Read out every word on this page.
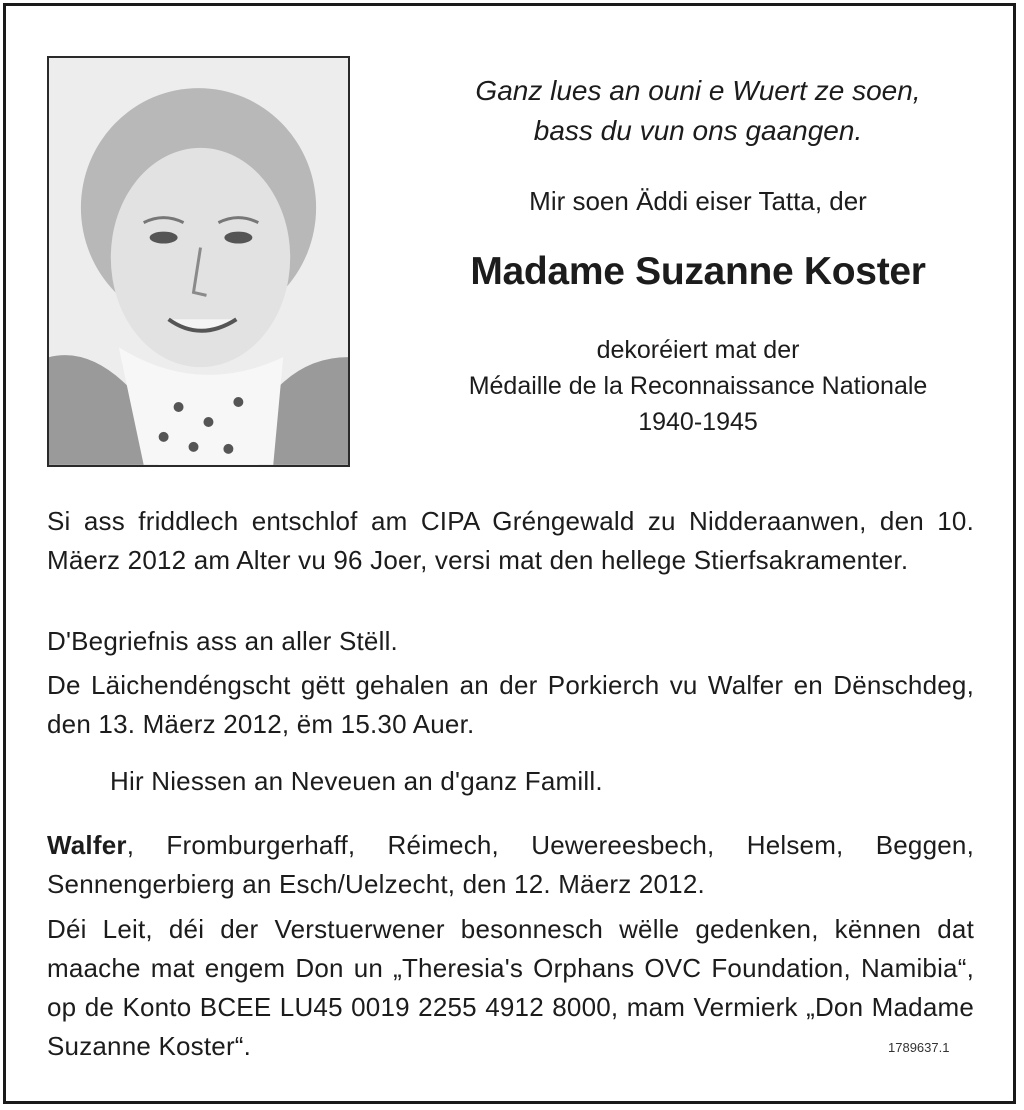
Ganz lues an ouni e Wuert ze soen,
bass du vun ons gaangen.
Mir soen Äddi eiser Tatta, der
Madame Suzanne Koster
dekoréiert mat der
Médaille de la Reconnaissance Nationale
1940-1945
Si ass friddlech entschlof am CIPA Gréngewald zu Nidderaanwen, den 10. Mäerz 2012 am Alter vu 96 Joer, versi mat den hellege Stierfsakramenter.
D'Begriefnis ass an aller Stëll.
De Läichendéngscht gëtt gehalen an der Porkierch vu Walfer en Dënschdeg, den 13. Mäerz 2012, ëm 15.30 Auer.
Hir Niessen an Neveuen an d'ganz Famill.
Walfer, Fromburgerhaff, Réimech, Uewereesbech, Helsem, Beggen, Sennengerbierg an Esch/Uelzecht, den 12. Mäerz 2012.
Déi Leit, déi der Verstuerwener besonnesch wëlle gedenken, kënnen dat maache mat engem Don un „Theresia's Orphans OVC Foundation, Namibia“, op de Konto BCEE LU45 0019 2255 4912 8000, mam Vermierk „Don Madame Suzanne Koster“.	1789637.1
